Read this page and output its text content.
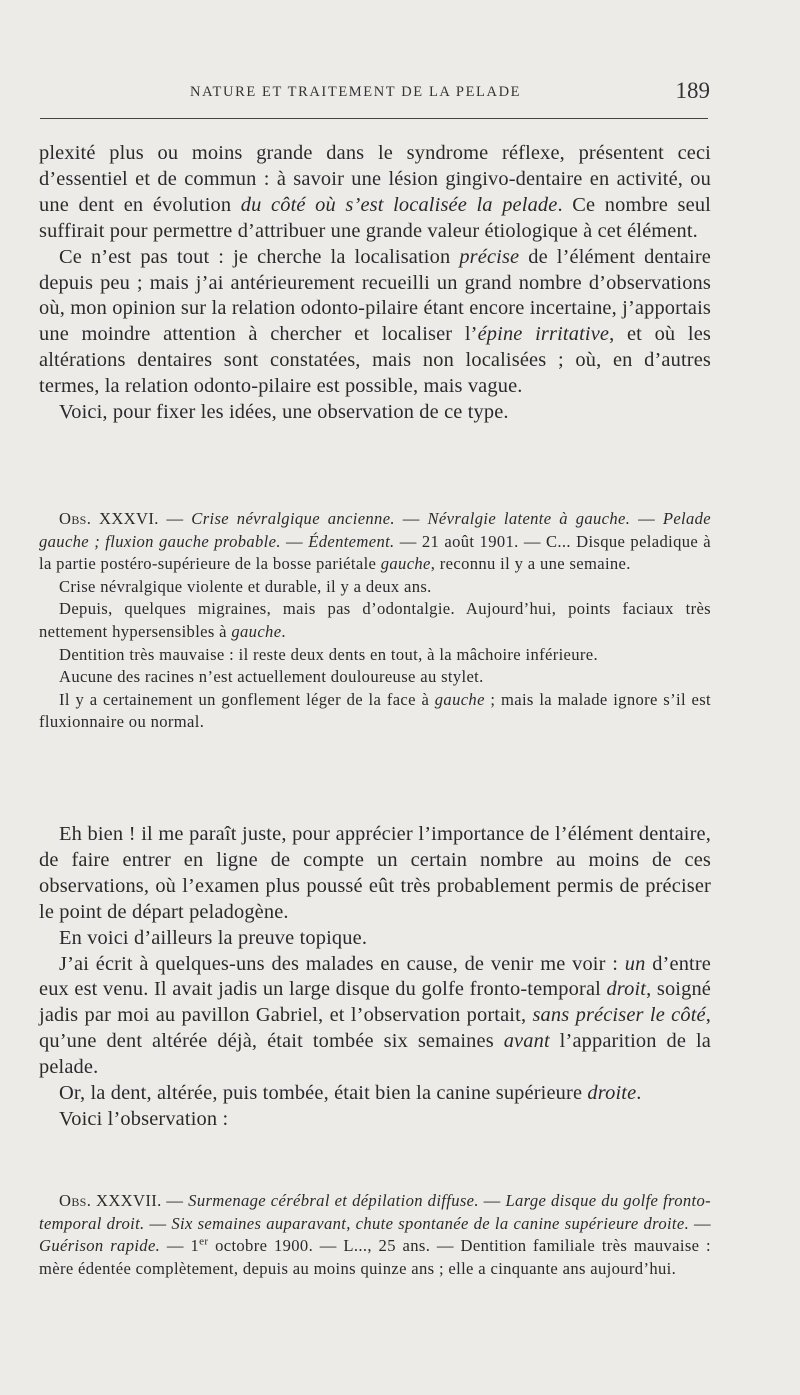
NATURE ET TRAITEMENT DE LA PELADE	189

plexité plus ou moins grande dans le syndrome réflexe, présentent ceci d’essentiel et de commun : à savoir une lésion gingivo-dentaire en activité, ou une dent en évolution du côté où s’est localisée la pelade. Ce nombre seul suffirait pour permettre d’attribuer une grande valeur étiologique à cet élément.

Ce n’est pas tout : je cherche la localisation précise de l’élément dentaire depuis peu ; mais j’ai antérieurement recueilli un grand nombre d’observations où, mon opinion sur la relation odonto-pilaire étant encore incertaine, j’apportais une moindre attention à chercher et localiser l’épine irritative, et où les altérations dentaires sont constatées, mais non localisées ; où, en d’autres termes, la relation odonto-pilaire est possible, mais vague.

Voici, pour fixer les idées, une observation de ce type.

Obs. XXXVI. — Crise névralgique ancienne. — Névralgie latente à gauche. — Pelade gauche ; fluxion gauche probable. — Édentement. — 21 août 1901. — C... Disque peladique à la partie postéro-supérieure de la bosse pariétale gauche, reconnu il y a une semaine.

Crise névralgique violente et durable, il y a deux ans.

Depuis, quelques migraines, mais pas d’odontalgie. Aujourd’hui, points faciaux très nettement hypersensibles à gauche.

Dentition très mauvaise : il reste deux dents en tout, à la mâchoire inférieure.

Aucune des racines n’est actuellement douloureuse au stylet.

Il y a certainement un gonflement léger de la face à gauche ; mais la malade ignore s’il est fluxionnaire ou normal.

Eh bien ! il me paraît juste, pour apprécier l’importance de l’élément dentaire, de faire entrer en ligne de compte un certain nombre au moins de ces observations, où l’examen plus poussé eût très probablement permis de préciser le point de départ peladogène.

En voici d’ailleurs la preuve topique.

J’ai écrit à quelques-uns des malades en cause, de venir me voir : un d’entre eux est venu. Il avait jadis un large disque du golfe fronto-temporal droit, soigné jadis par moi au pavillon Gabriel, et l’observation portait, sans préciser le côté, qu’une dent altérée déjà, était tombée six semaines avant l’apparition de la pelade.

Or, la dent, altérée, puis tombée, était bien la canine supérieure droite.

Voici l’observation :

Obs. XXXVII. — Surmenage cérébral et dépilation diffuse. — Large disque du golfe fronto-temporal droit. — Six semaines auparavant, chute spontanée de la canine supérieure droite. — Guérison rapide. — 1er octobre 1900. — L..., 25 ans. — Dentition familiale très mauvaise : mère édentée complètement, depuis au moins quinze ans ; elle a cinquante ans aujourd’hui.
